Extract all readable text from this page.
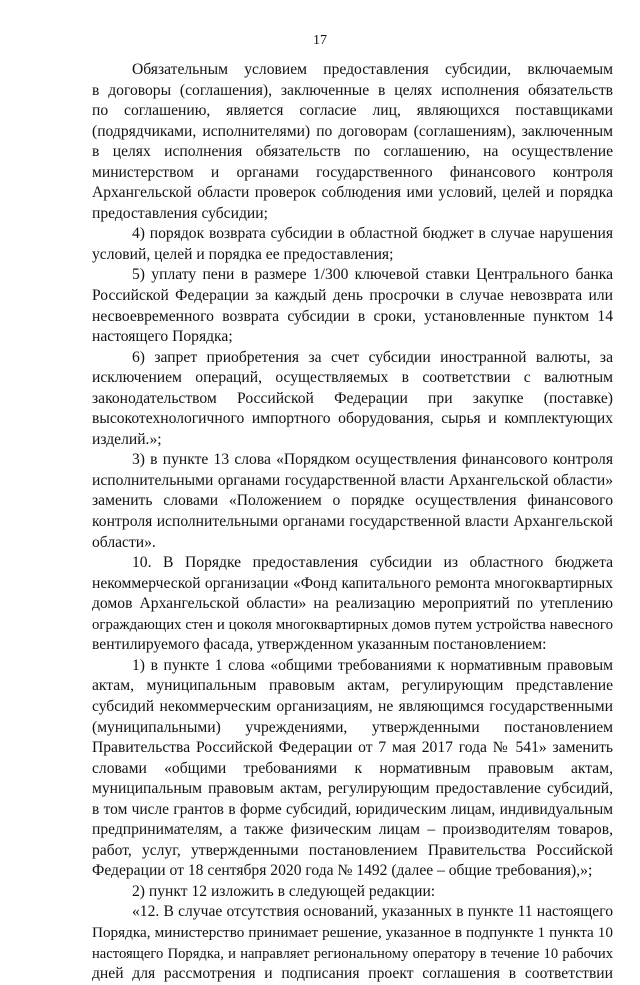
17
Обязательным условием предоставления субсидии, включаемым
в договоры (соглашения), заключенные в целях исполнения обязательств
по соглашению, является согласие лиц, являющихся поставщиками
(подрядчиками, исполнителями) по договорам (соглашениям), заключенным
в целях исполнения обязательств по соглашению, на осуществление
министерством и органами государственного финансового контроля
Архангельской области проверок соблюдения ими условий, целей и порядка
предоставления субсидии;
4) порядок возврата субсидии в областной бюджет в случае нарушения
условий, целей и порядка ее предоставления;
5) уплату пени в размере 1/300 ключевой ставки Центрального банка
Российской Федерации за каждый день просрочки в случае невозврата или
несвоевременного возврата субсидии в сроки, установленные пунктом 14
настоящего Порядка;
6) запрет приобретения за счет субсидии иностранной валюты, за
исключением операций, осуществляемых в соответствии с валютным
законодательством Российской Федерации при закупке (поставке)
высокотехнологичного импортного оборудования, сырья и комплектующих
изделий.»;
3) в пункте 13 слова «Порядком осуществления финансового контроля
исполнительными органами государственной власти Архангельской области»
заменить словами «Положением о порядке осуществления финансового
контроля исполнительными органами государственной власти Архангельской
области».
10. В Порядке предоставления субсидии из областного бюджета
некоммерческой организации «Фонд капитального ремонта многоквартирных
домов Архангельской области» на реализацию мероприятий по утеплению
ограждающих стен и цоколя многоквартирных домов путем устройства навесного
вентилируемого фасада, утвержденном указанным постановлением:
1) в пункте 1 слова «общими требованиями к нормативным правовым
актам, муниципальным правовым актам, регулирующим представление
субсидий некоммерческим организациям, не являющимся государственными
(муниципальными) учреждениями, утвержденными постановлением
Правительства Российской Федерации от 7 мая 2017 года № 541» заменить
словами «общими требованиями к нормативным правовым актам,
муниципальным правовым актам, регулирующим предоставление субсидий,
в том числе грантов в форме субсидий, юридическим лицам, индивидуальным
предпринимателям, а также физическим лицам – производителям товаров,
работ, услуг, утвержденными постановлением Правительства Российской
Федерации от 18 сентября 2020 года № 1492 (далее – общие требования),»;
2) пункт 12 изложить в следующей редакции:
«12. В случае отсутствия оснований, указанных в пункте 11 настоящего
Порядка, министерство принимает решение, указанное в подпункте 1 пункта 10
настоящего Порядка, и направляет региональному оператору в течение 10 рабочих
дней для рассмотрения и подписания проект соглашения в соответствии
